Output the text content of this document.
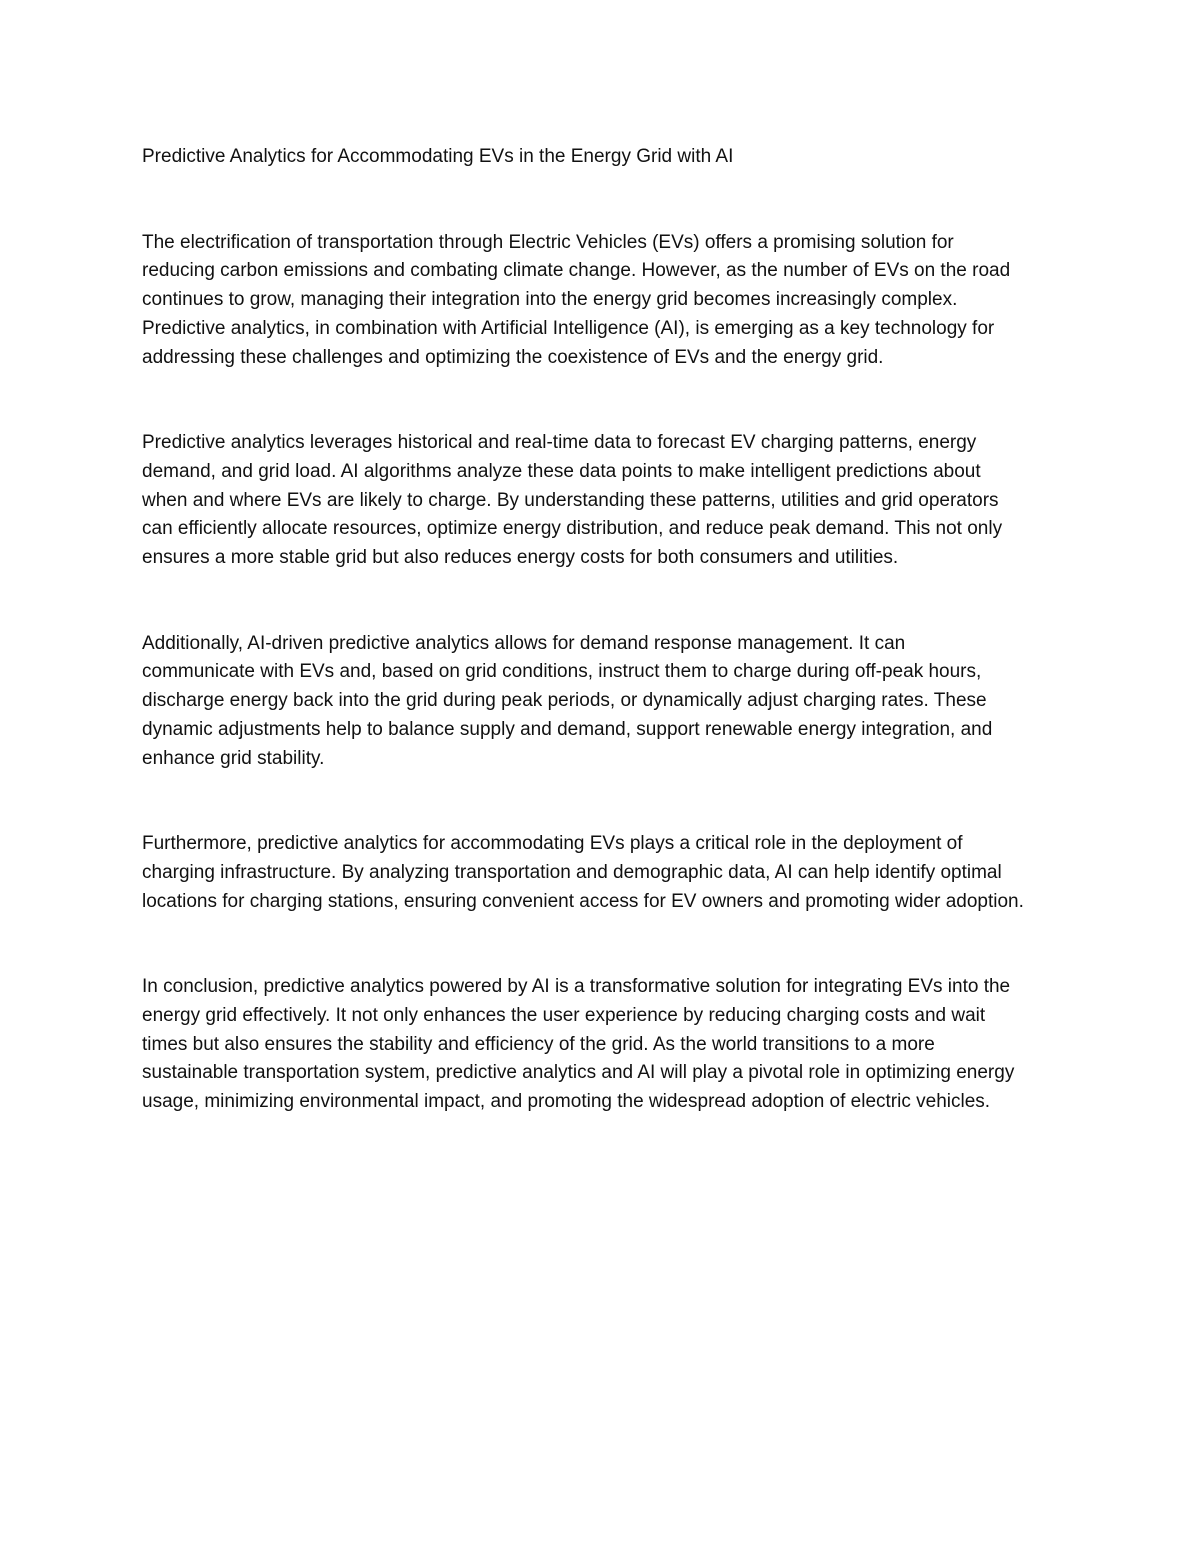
Predictive Analytics for Accommodating EVs in the Energy Grid with AI

The electrification of transportation through Electric Vehicles (EVs) offers a promising solution for
reducing carbon emissions and combating climate change. However, as the number of EVs on the road
continues to grow, managing their integration into the energy grid becomes increasingly complex.
Predictive analytics, in combination with Artificial Intelligence (AI), is emerging as a key technology for
addressing these challenges and optimizing the coexistence of EVs and the energy grid.

Predictive analytics leverages historical and real-time data to forecast EV charging patterns, energy
demand, and grid load. AI algorithms analyze these data points to make intelligent predictions about
when and where EVs are likely to charge. By understanding these patterns, utilities and grid operators
can efficiently allocate resources, optimize energy distribution, and reduce peak demand. This not only
ensures a more stable grid but also reduces energy costs for both consumers and utilities.

Additionally, AI-driven predictive analytics allows for demand response management. It can
communicate with EVs and, based on grid conditions, instruct them to charge during off-peak hours,
discharge energy back into the grid during peak periods, or dynamically adjust charging rates. These
dynamic adjustments help to balance supply and demand, support renewable energy integration, and
enhance grid stability.

Furthermore, predictive analytics for accommodating EVs plays a critical role in the deployment of
charging infrastructure. By analyzing transportation and demographic data, AI can help identify optimal
locations for charging stations, ensuring convenient access for EV owners and promoting wider adoption.

In conclusion, predictive analytics powered by AI is a transformative solution for integrating EVs into the
energy grid effectively. It not only enhances the user experience by reducing charging costs and wait
times but also ensures the stability and efficiency of the grid. As the world transitions to a more
sustainable transportation system, predictive analytics and AI will play a pivotal role in optimizing energy
usage, minimizing environmental impact, and promoting the widespread adoption of electric vehicles.
